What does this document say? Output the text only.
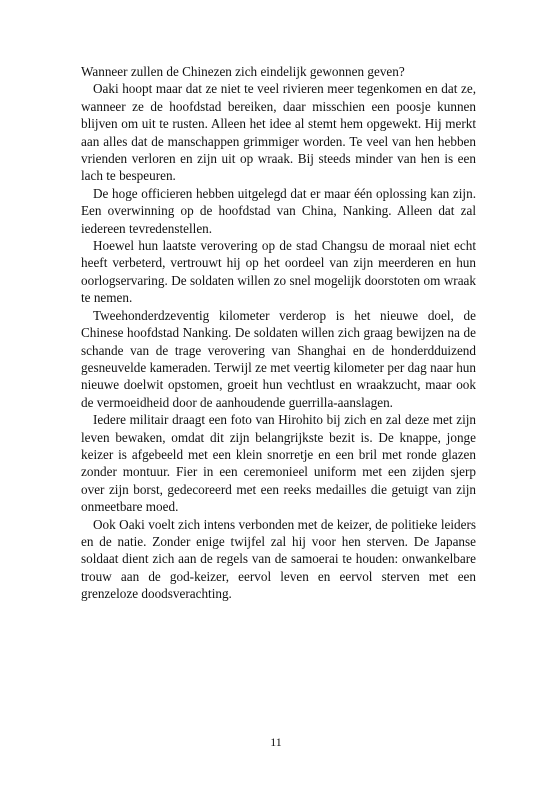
Wanneer zullen de Chinezen zich eindelijk gewonnen geven?

Oaki hoopt maar dat ze niet te veel rivieren meer tegenkomen en dat ze, wanneer ze de hoofdstad bereiken, daar misschien een poosje kunnen blijven om uit te rusten. Alleen het idee al stemt hem opgewekt. Hij merkt aan alles dat de manschappen grimmiger worden. Te veel van hen hebben vrienden verloren en zijn uit op wraak. Bij steeds minder van hen is een lach te bespeuren.

De hoge officieren hebben uitgelegd dat er maar één oplossing kan zijn. Een overwinning op de hoofdstad van China, Nanking. Alleen dat zal iedereen tevredenstellen.

Hoewel hun laatste verovering op de stad Changsu de moraal niet echt heeft verbeterd, vertrouwt hij op het oordeel van zijn meerderen en hun oorlogservaring. De soldaten willen zo snel mogelijk doorstoten om wraak te nemen.

Tweehonderdzeventig kilometer verderop is het nieuwe doel, de Chinese hoofdstad Nanking. De soldaten willen zich graag bewijzen na de schande van de trage verovering van Shanghai en de honderdduizend gesneuvelde kameraden. Terwijl ze met veertig kilometer per dag naar hun nieuwe doelwit opstomen, groeit hun vechtlust en wraakzucht, maar ook de vermoeidheid door de aanhoudende guerrilla-aanslagen.

Iedere militair draagt een foto van Hirohito bij zich en zal deze met zijn leven bewaken, omdat dit zijn belangrijkste bezit is. De knappe, jonge keizer is afgebeeld met een klein snorretje en een bril met ronde glazen zonder montuur. Fier in een ceremonieel uniform met een zijden sjerp over zijn borst, gedecoreerd met een reeks medailles die getuigt van zijn onmeetbare moed.

Ook Oaki voelt zich intens verbonden met de keizer, de politieke leiders en de natie. Zonder enige twijfel zal hij voor hen sterven. De Japanse soldaat dient zich aan de regels van de samoerai te houden: onwankelbare trouw aan de god-keizer, eervol leven en eervol sterven met een grenzeloze doodsverachting.

11
